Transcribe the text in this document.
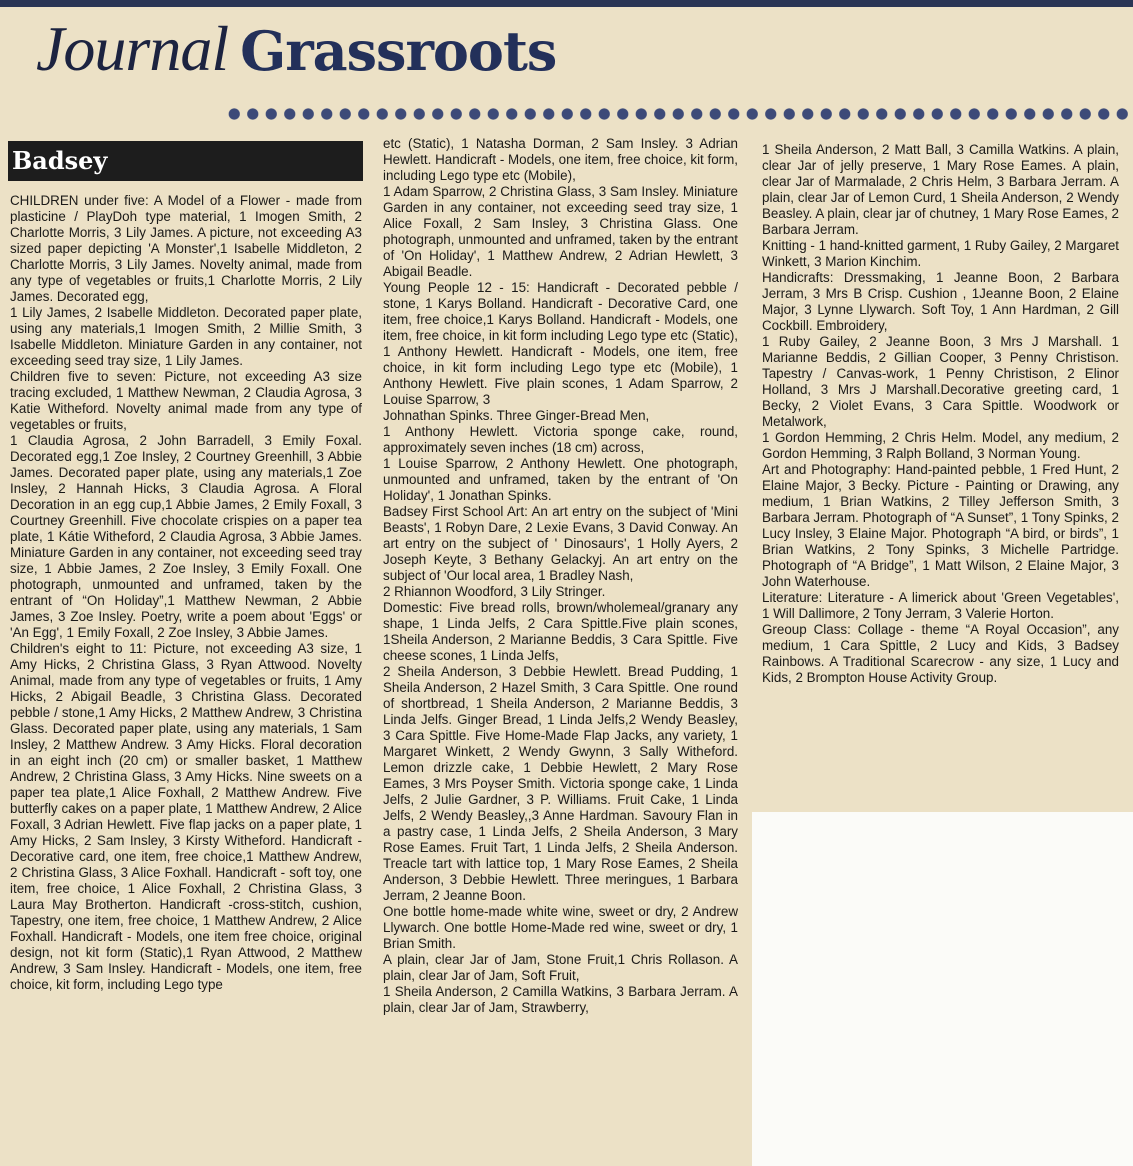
Journal Grassroots
Badsey

CHILDREN under five: A Model of a Flower - made from plasticine / PlayDoh type material, 1 Imogen Smith, 2 Charlotte Morris, 3 Lily James. A picture, not exceeding A3 sized paper depicting 'A Monster',1 Isabelle Middleton, 2 Charlotte Morris, 3 Lily James. Novelty animal, made from any type of vegetables or fruits,1 Charlotte Morris, 2 Lily James. Decorated egg,

1 Lily James, 2 Isabelle Middleton. Decorated paper plate, using any materials,1 Imogen Smith, 2 Millie Smith, 3 Isabelle Middleton. Miniature Garden in any container, not exceeding seed tray size, 1 Lily James.

Children five to seven: Picture, not exceeding A3 size tracing excluded, 1 Matthew Newman, 2 Claudia Agrosa, 3 Katie Witheford. Novelty animal made from any type of vegetables or fruits,

1 Claudia Agrosa, 2 John Barradell, 3 Emily Foxal. Decorated egg,1 Zoe Insley, 2 Courtney Greenhill, 3 Abbie James. Decorated paper plate, using any materials,1 Zoe Insley, 2 Hannah Hicks, 3 Claudia Agrosa. A Floral Decoration in an egg cup,1 Abbie James, 2 Emily Foxall, 3 Courtney Greenhill. Five chocolate crispies on a paper tea plate, 1 Kátie Witheford, 2 Claudia Agrosa, 3 Abbie James. Miniature Garden in any container, not exceeding seed tray size, 1 Abbie James, 2 Zoe Insley, 3 Emily Foxall. One photograph, unmounted and unframed, taken by the entrant of “On Holiday”,1 Matthew Newman, 2 Abbie James, 3 Zoe Insley. Poetry, write a poem about 'Eggs' or 'An Egg', 1 Emily Foxall, 2 Zoe Insley, 3 Abbie James.

Children's eight to 11: Picture, not exceeding A3 size, 1 Amy Hicks, 2 Christina Glass, 3 Ryan Attwood. Novelty Animal, made from any type of vegetables or fruits, 1 Amy Hicks, 2 Abigail Beadle, 3 Christina Glass. Decorated pebble / stone,1 Amy Hicks, 2 Matthew Andrew, 3 Christina Glass. Decorated paper plate, using any materials, 1 Sam Insley, 2 Matthew Andrew. 3 Amy Hicks. Floral decoration in an eight inch (20 cm) or smaller basket, 1 Matthew Andrew, 2 Christina Glass, 3 Amy Hicks. Nine sweets on a paper tea plate,1 Alice Foxhall, 2 Matthew Andrew. Five butterfly cakes on a paper plate, 1 Matthew Andrew, 2 Alice Foxall, 3 Adrian Hewlett. Five flap jacks on a paper plate, 1 Amy Hicks, 2 Sam Insley, 3 Kirsty Witheford. Handicraft - Decorative card, one item, free choice,1 Matthew Andrew, 2 Christina Glass, 3 Alice Foxhall. Handicraft - soft toy, one item, free choice, 1 Alice Foxhall, 2 Christina Glass, 3 Laura May Brotherton. Handicraft -cross-stitch, cushion, Tapestry, one item, free choice, 1 Matthew Andrew, 2 Alice Foxhall. Handicraft - Models, one item free choice, original design, not kit form (Static),1 Ryan Attwood, 2 Matthew Andrew, 3 Sam Insley. Handicraft - Models, one item, free choice, kit form, including Lego type

etc (Static), 1 Natasha Dorman, 2 Sam Insley. 3 Adrian Hewlett. Handicraft - Models, one item, free choice, kit form, including Lego type etc (Mobile),

1 Adam Sparrow, 2 Christina Glass, 3 Sam Insley. Miniature Garden in any container, not exceeding seed tray size, 1 Alice Foxall, 2 Sam Insley, 3 Christina Glass. One photograph, unmounted and unframed, taken by the entrant of 'On Holiday', 1 Matthew Andrew, 2 Adrian Hewlett, 3 Abigail Beadle.

Young People 12 - 15: Handicraft - Decorated pebble / stone, 1 Karys Bolland. Handicraft - Decorative Card, one item, free choice,1 Karys Bolland. Handicraft - Models, one item, free choice, in kit form including Lego type etc (Static), 1 Anthony Hewlett. Handicraft - Models, one item, free choice, in kit form including Lego type etc (Mobile), 1 Anthony Hewlett. Five plain scones, 1 Adam Sparrow, 2 Louise Sparrow, 3

Johnathan Spinks. Three Ginger-Bread Men,

1 Anthony Hewlett. Victoria sponge cake, round, approximately seven inches (18 cm) across,

1 Louise Sparrow, 2 Anthony Hewlett. One photograph, unmounted and unframed, taken by the entrant of 'On Holiday', 1 Jonathan Spinks.

Badsey First School Art: An art entry on the subject of 'Mini Beasts', 1 Robyn Dare, 2 Lexie Evans, 3 David Conway. An art entry on the subject of ' Dinosaurs', 1 Holly Ayers, 2 Joseph Keyte, 3 Bethany Gelackyj. An art entry on the subject of 'Our local area, 1 Bradley Nash,

2 Rhiannon Woodford, 3 Lily Stringer.

Domestic: Five bread rolls, brown/wholemeal/granary any shape, 1 Linda Jelfs, 2 Cara Spittle.Five plain scones, 1Sheila Anderson, 2 Marianne Beddis, 3 Cara Spittle. Five cheese scones, 1 Linda Jelfs,

2 Sheila Anderson, 3 Debbie Hewlett. Bread Pudding, 1 Sheila Anderson, 2 Hazel Smith, 3 Cara Spittle. One round of shortbread, 1 Sheila Anderson, 2 Marianne Beddis, 3 Linda Jelfs. Ginger Bread, 1 Linda Jelfs,2 Wendy Beasley, 3 Cara Spittle. Five Home-Made Flap Jacks, any variety, 1 Margaret Winkett, 2 Wendy Gwynn, 3 Sally Witheford. Lemon drizzle cake, 1 Debbie Hewlett, 2 Mary Rose Eames, 3 Mrs Poyser Smith. Victoria sponge cake, 1 Linda Jelfs, 2 Julie Gardner, 3 P. Williams. Fruit Cake, 1 Linda Jelfs, 2 Wendy Beasley,,3 Anne Hardman. Savoury Flan in a pastry case, 1 Linda Jelfs, 2 Sheila Anderson, 3 Mary Rose Eames. Fruit Tart, 1 Linda Jelfs, 2 Sheila Anderson. Treacle tart with lattice top, 1 Mary Rose Eames, 2 Sheila Anderson, 3 Debbie Hewlett. Three meringues, 1 Barbara Jerram, 2 Jeanne Boon.

One bottle home-made white wine, sweet or dry, 2 Andrew Llywarch. One bottle Home-Made red wine, sweet or dry, 1 Brian Smith.

A plain, clear Jar of Jam, Stone Fruit,1 Chris Rollason. A plain, clear Jar of Jam, Soft Fruit,

1 Sheila Anderson, 2 Camilla Watkins, 3 Barbara Jerram. A plain, clear Jar of Jam, Strawberry,

1 Sheila Anderson, 2 Matt Ball, 3 Camilla Watkins. A plain, clear Jar of jelly preserve, 1 Mary Rose Eames. A plain, clear Jar of Marmalade, 2 Chris Helm, 3 Barbara Jerram. A plain, clear Jar of Lemon Curd, 1 Sheila Anderson, 2 Wendy Beasley. A plain, clear jar of chutney, 1 Mary Rose Eames, 2 Barbara Jerram.

Knitting - 1 hand-knitted garment, 1 Ruby Gailey, 2 Margaret Winkett, 3 Marion Kinchim.

Handicrafts: Dressmaking, 1 Jeanne Boon, 2 Barbara Jerram, 3 Mrs B Crisp. Cushion , 1Jeanne Boon, 2 Elaine Major, 3 Lynne Llywarch. Soft Toy, 1 Ann Hardman, 2 Gill Cockbill. Embroidery,

1 Ruby Gailey, 2 Jeanne Boon, 3 Mrs J Marshall. 1 Marianne Beddis, 2 Gillian Cooper, 3 Penny Christison. Tapestry / Canvas-work, 1 Penny Christison, 2 Elinor Holland, 3 Mrs J Marshall.Decorative greeting card, 1 Becky, 2 Violet Evans, 3 Cara Spittle. Woodwork or Metalwork,

1 Gordon Hemming, 2 Chris Helm. Model, any medium, 2 Gordon Hemming, 3 Ralph Bolland, 3 Norman Young.

Art and Photography: Hand-painted pebble, 1 Fred Hunt, 2 Elaine Major, 3 Becky. Picture - Painting or Drawing, any medium, 1 Brian Watkins, 2 Tilley Jefferson Smith, 3 Barbara Jerram. Photograph of “A Sunset”, 1 Tony Spinks, 2 Lucy Insley, 3 Elaine Major. Photograph “A bird, or birds”, 1 Brian Watkins, 2 Tony Spinks, 3 Michelle Partridge. Photograph of “A Bridge”, 1 Matt Wilson, 2 Elaine Major, 3 John Waterhouse.

Literature: Literature - A limerick about 'Green Vegetables', 1 Will Dallimore, 2 Tony Jerram, 3 Valerie Horton.

Greoup Class: Collage - theme “A Royal Occasion”, any medium, 1 Cara Spittle, 2 Lucy and Kids, 3 Badsey Rainbows. A Traditional Scarecrow - any size, 1 Lucy and Kids, 2 Brompton House Activity Group.
